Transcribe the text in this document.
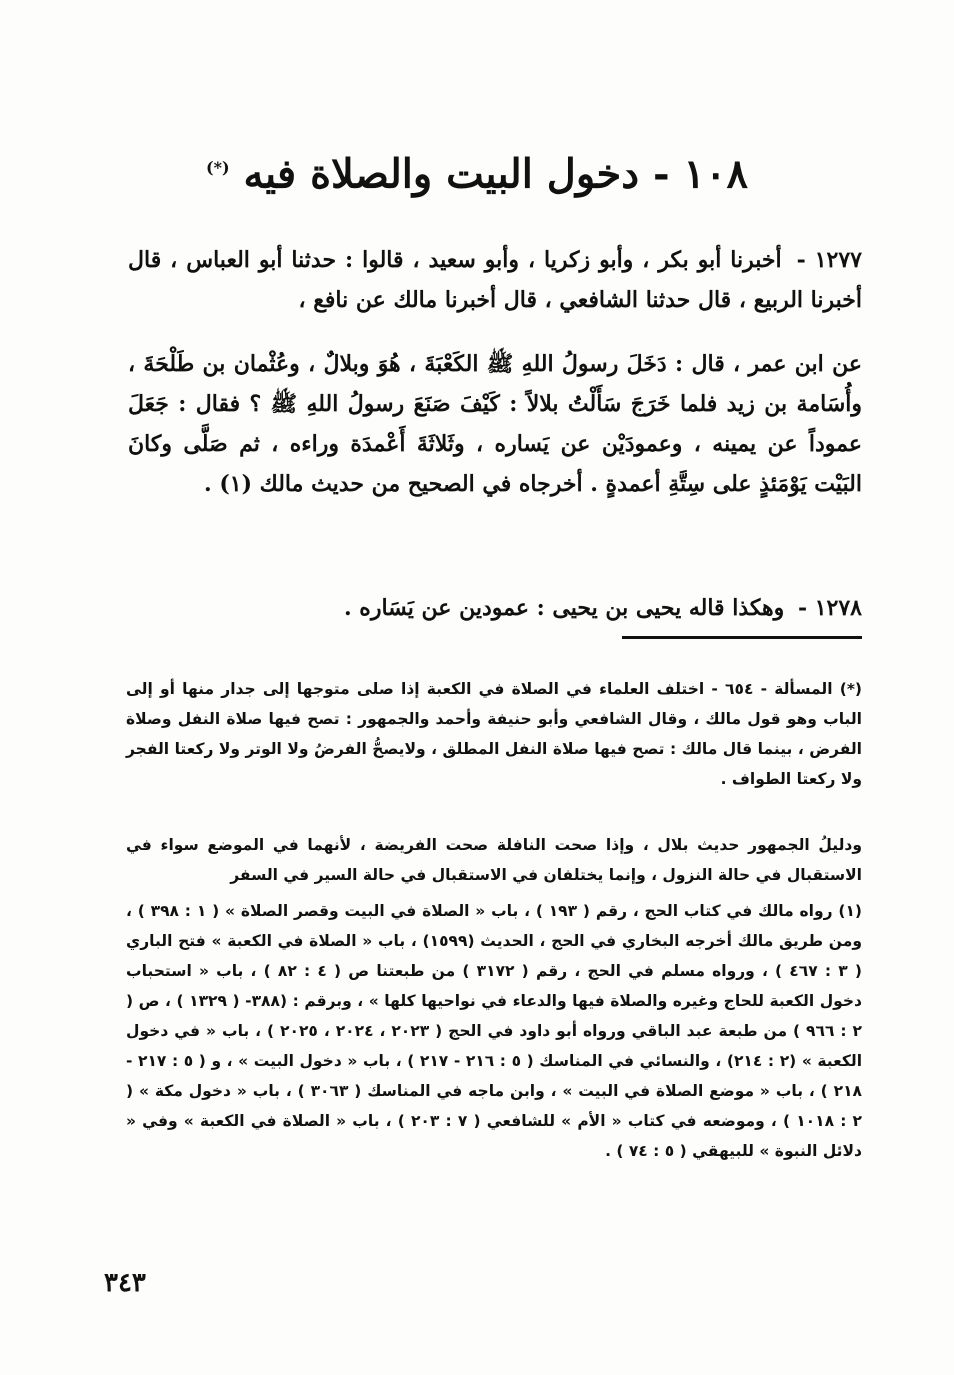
١٠٨ - دخول البيت والصلاة فيه (*)

١٢٧٧ - أخبرنا أبو بكر ، وأبو زكريا ، وأبو سعيد ، قالوا : حدثنا أبو العباس ، قال أخبرنا الربيع ، قال حدثنا الشافعي ، قال أخبرنا مالك عن نافع ،

عن ابن عمر ، قال : دَخَلَ رسولُ اللهِ ﷺ الكَعْبَةَ ، هُوَ وبلالٌ ، وعُثْمان بن طَلْحَةَ ، وأُسَامة بن زيد فلما خَرَجَ سَأَلْتُ بلالاً : كَيْفَ صَنَعَ رسولُ اللهِ ﷺ ؟ فقال : جَعَلَ عموداً عن يمينه ، وعمودَيْن عن يَساره ، وثَلاثَةَ أَعْمدَة وراءه ، ثم صَلَّى وكانَ البَيْت يَوْمَئذٍ على سِتَّةِ أعمدةٍ . أخرجاه في الصحيح من حديث مالك (١) .

١٢٧٨ - وهكذا قاله يحيى بن يحيى : عمودين عن يَسَاره .

(*) المسألة - ٦٥٤ - اختلف العلماء في الصلاة في الكعبة إذا صلى متوجها إلى جدار منها أو إلى الباب وهو قول مالك ، وقال الشافعي وأبو حنيفة وأحمد والجمهور : تصح فيها صلاة النفل وصلاة الفرض ، بينما قال مالك : تصح فيها صلاة النفل المطلق ، ولايصحُّ الفرضُ ولا الوتر ولا ركعتا الفجر ولا ركعتا الطواف .

ودليلُ الجمهور حديث بلال ، وإذا صحت النافلة صحت الفريضة ، لأنهما في الموضع سواء في الاستقبال في حالة النزول ، وإنما يختلفان في الاستقبال في حالة السير في السفر

(١) رواه مالك في كتاب الحج ، رقم ( ١٩٣ ) ، باب « الصلاة في البيت وقصر الصلاة » ( ١ : ٣٩٨ ) ، ومن طريق مالك أخرجه البخاري في الحج ، الحديث (١٥٩٩) ، باب « الصلاة في الكعبة » فتح الباري ( ٣ : ٤٦٧ ) ، ورواه مسلم في الحج ، رقم ( ٣١٧٢ ) من طبعتنا ص ( ٤ : ٨٢ ) ، باب « استحباب دخول الكعبة للحاج وغيره والصلاة فيها والدعاء في نواحيها كلها » ، وبرقم : (٣٨٨- ( ١٣٢٩ ) ، ص ( ٢ : ٩٦٦ ) من طبعة عبد الباقي ورواه أبو داود في الحج ( ٢٠٢٣ ، ٢٠٢٤ ، ٢٠٢٥ ) ، باب « في دخول الكعبة » (٢ : ٢١٤) ، والنسائي في المناسك ( ٥ : ٢١٦ - ٢١٧ ) ، باب « دخول البيت » ، و ( ٥ : ٢١٧ - ٢١٨ ) ، باب « موضع الصلاة في البيت » ، وابن ماجه في المناسك ( ٣٠٦٣ ) ، باب « دخول مكة » ( ٢ : ١٠١٨ ) ، وموضعه في كتاب « الأم » للشافعي ( ٧ : ٢٠٣ ) ، باب « الصلاة في الكعبة » وفي « دلائل النبوة » للبيهقي ( ٥ : ٧٤ ) .

٣٤٣
